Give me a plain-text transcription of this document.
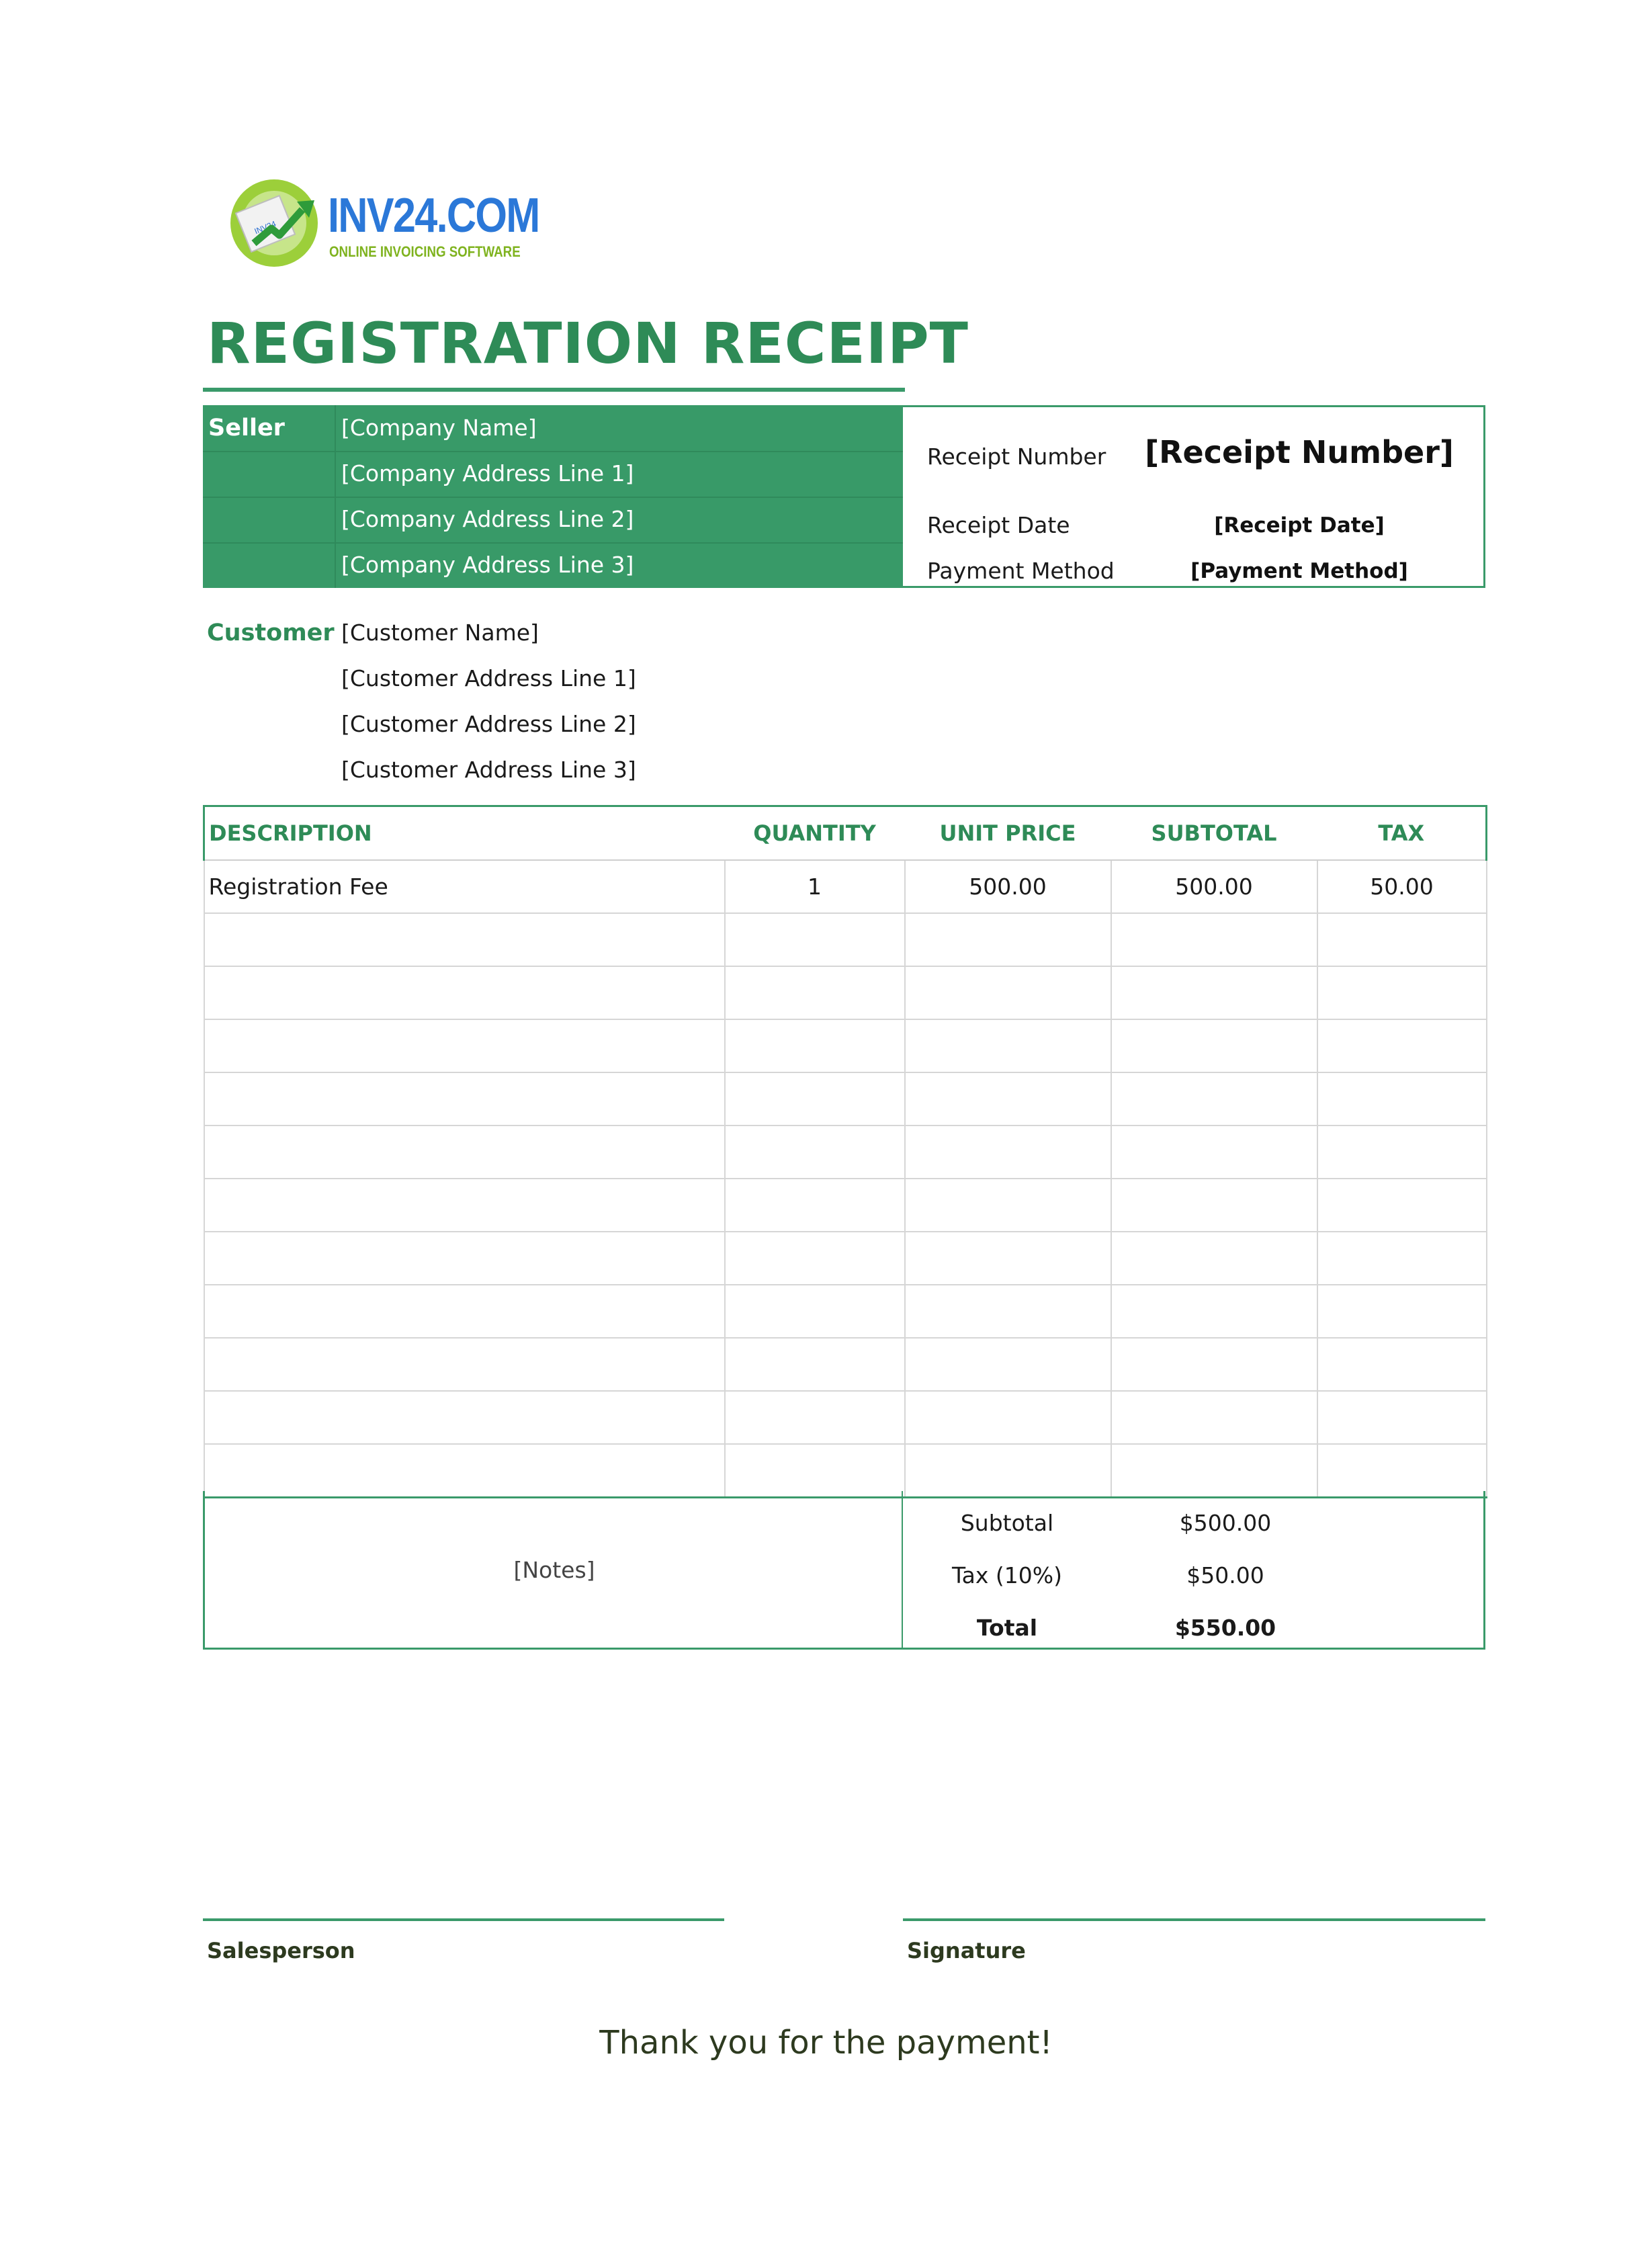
INV24 INV24.COM
ONLINE INVOICING SOFTWARE
REGISTRATION RECEIPT
Seller	[Company Name]
[Company Address Line 1]
[Company Address Line 2]
[Company Address Line 3]
Receipt Number	[Receipt Number]
Receipt Date	[Receipt Date]
Payment Method	[Payment Method]
Customer [Customer Name]
[Customer Address Line 1]
[Customer Address Line 2]
[Customer Address Line 3]
DESCRIPTION	QUANTITY	UNIT PRICE	SUBTOTAL	TAX
Registration Fee	1	500.00	500.00	50.00

[Notes]
Subtotal	$500.00
Tax (10%)	$50.00
Total	$550.00
Salesperson	Signature
Thank you for the payment!
